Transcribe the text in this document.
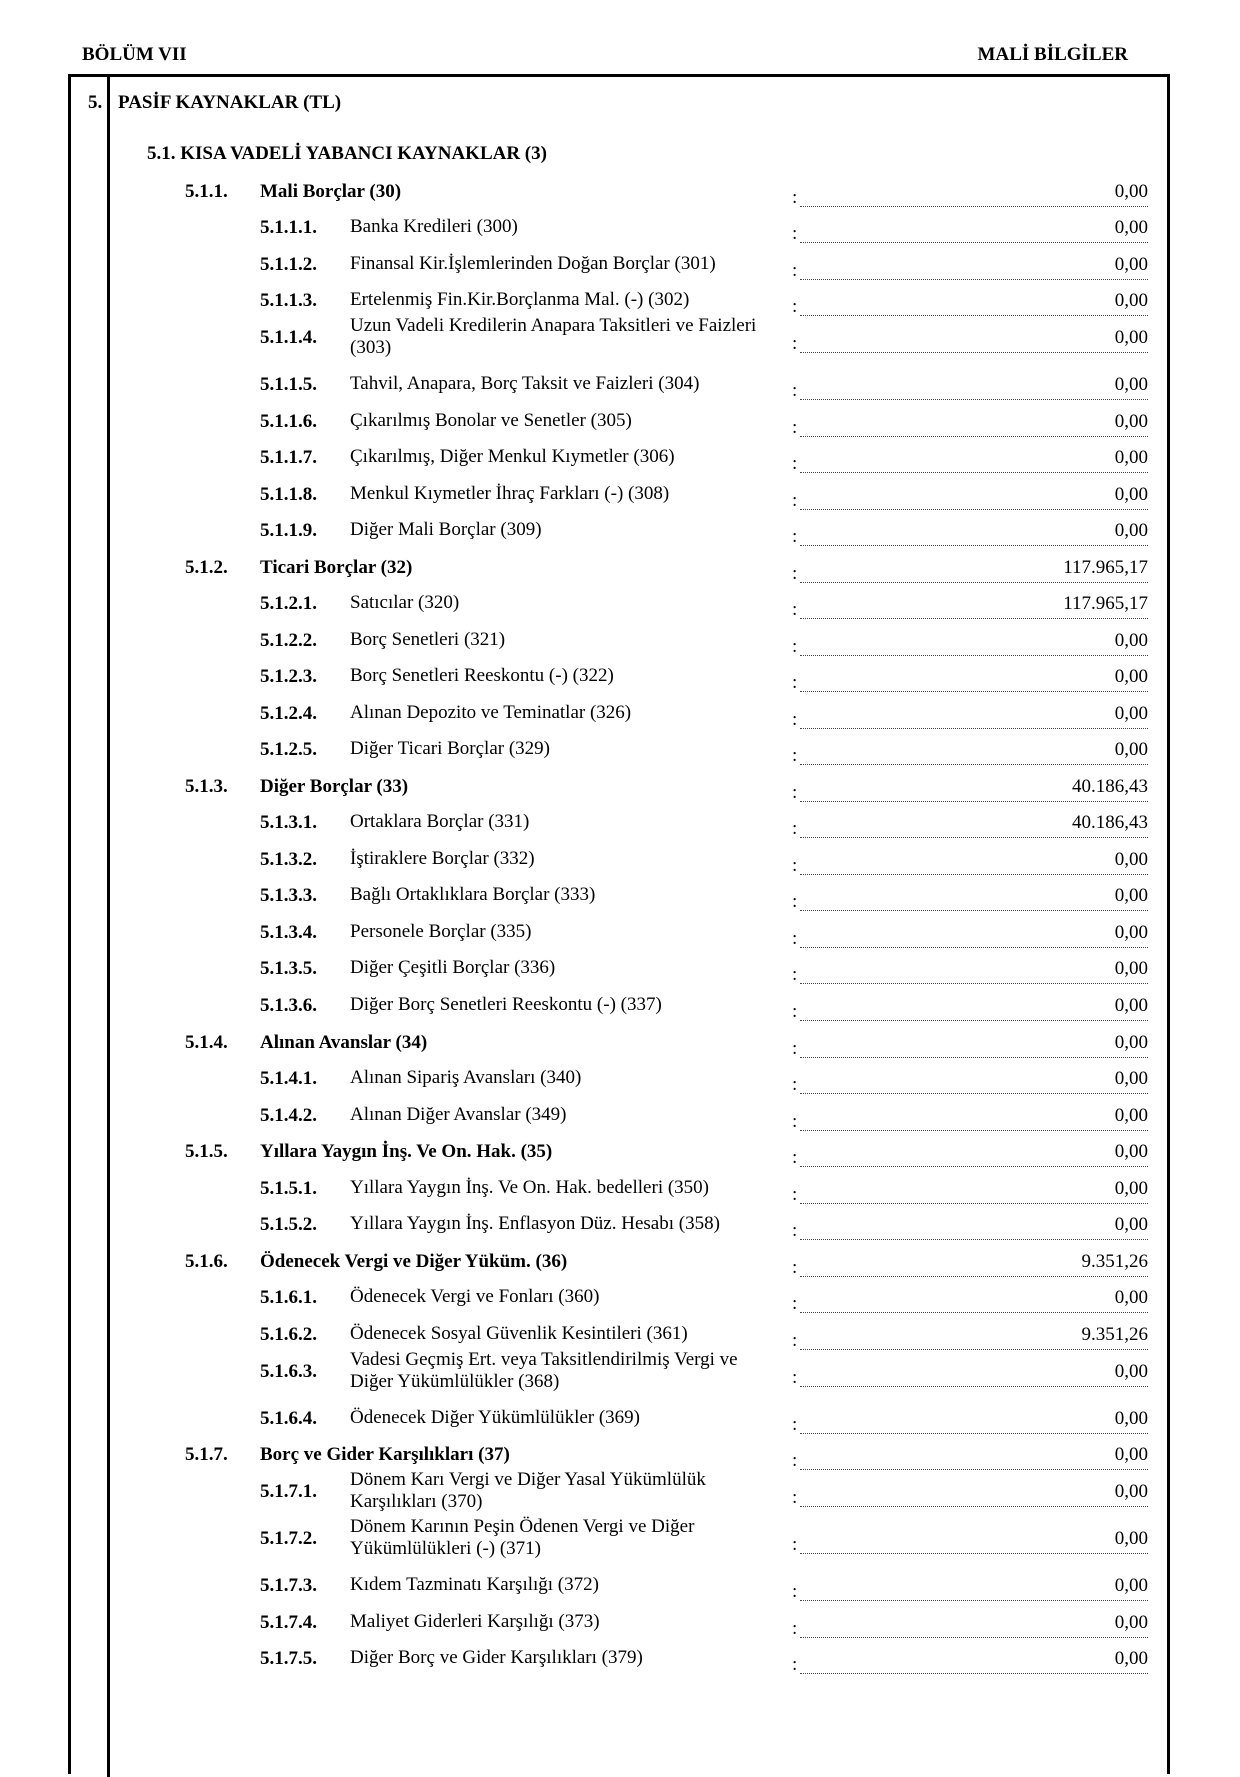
BÖLÜM VII	MALİ BİLGİLER
5. PASİF KAYNAKLAR (TL)
5.1. KISA VADELİ YABANCI KAYNAKLAR (3)
5.1.1. Mali Borçlar (30)	:	0,00
5.1.1.1. Banka Kredileri (300)	:	0,00
5.1.1.2. Finansal Kir.İşlemlerinden Doğan Borçlar (301)	:	0,00
5.1.1.3. Ertelenmiş Fin.Kir.Borçlanma Mal. (-) (302)	:	0,00
5.1.1.4.
Uzun Vadeli Kredilerin Anapara Taksitleri ve Faizleri (303)	:	0,00
5.1.1.5. Tahvil, Anapara, Borç Taksit ve Faizleri (304)	:	0,00
5.1.1.6. Çıkarılmış Bonolar ve Senetler (305)	:	0,00
5.1.1.7. Çıkarılmış, Diğer Menkul Kıymetler (306)	:	0,00
5.1.1.8. Menkul Kıymetler İhraç Farkları (-) (308)	:	0,00
5.1.1.9. Diğer Mali Borçlar (309)	:	0,00
5.1.2. Ticari Borçlar (32)	:	117.965,17
5.1.2.1. Satıcılar (320)	:	117.965,17
5.1.2.2. Borç Senetleri (321)	:	0,00
5.1.2.3. Borç Senetleri Reeskontu (-) (322)	:	0,00
5.1.2.4. Alınan Depozito ve Teminatlar (326)	:	0,00
5.1.2.5. Diğer Ticari Borçlar (329)	:	0,00
5.1.3. Diğer Borçlar (33)	:	40.186,43
5.1.3.1. Ortaklara Borçlar (331)	:	40.186,43
5.1.3.2. İştiraklere Borçlar (332)	:	0,00
5.1.3.3. Bağlı Ortaklıklara Borçlar (333)	:	0,00
5.1.3.4. Personele Borçlar (335)	:	0,00
5.1.3.5. Diğer Çeşitli Borçlar (336)	:	0,00
5.1.3.6. Diğer Borç Senetleri Reeskontu (-) (337)	:	0,00
5.1.4. Alınan Avanslar (34)	:	0,00
5.1.4.1. Alınan Sipariş Avansları (340)	:	0,00
5.1.4.2. Alınan Diğer Avanslar (349)	:	0,00
5.1.5. Yıllara Yaygın İnş. Ve On. Hak. (35)	:	0,00
5.1.5.1. Yıllara Yaygın İnş. Ve On. Hak. bedelleri (350)	:	0,00
5.1.5.2. Yıllara Yaygın İnş. Enflasyon Düz. Hesabı (358)	:	0,00
5.1.6. Ödenecek Vergi ve Diğer Yüküm. (36)	:	9.351,26
5.1.6.1. Ödenecek Vergi ve Fonları (360)	:	0,00
5.1.6.2. Ödenecek Sosyal Güvenlik Kesintileri (361)	:	9.351,26
5.1.6.3.
Vadesi Geçmiş Ert. veya Taksitlendirilmiş Vergi ve Diğer Yükümlülükler (368)	:	0,00
5.1.6.4. Ödenecek Diğer Yükümlülükler (369)	:	0,00
5.1.7. Borç ve Gider Karşılıkları (37)	:	0,00
5.1.7.1.
Dönem Karı Vergi ve Diğer Yasal Yükümlülük Karşılıkları (370)	:	0,00
5.1.7.2.
Dönem Karının Peşin Ödenen Vergi ve Diğer Yükümlülükleri (-) (371)	:	0,00
5.1.7.3. Kıdem Tazminatı Karşılığı (372)	:	0,00
5.1.7.4. Maliyet Giderleri Karşılığı (373)	:	0,00
5.1.7.5. Diğer Borç ve Gider Karşılıkları (379)	:	0,00
